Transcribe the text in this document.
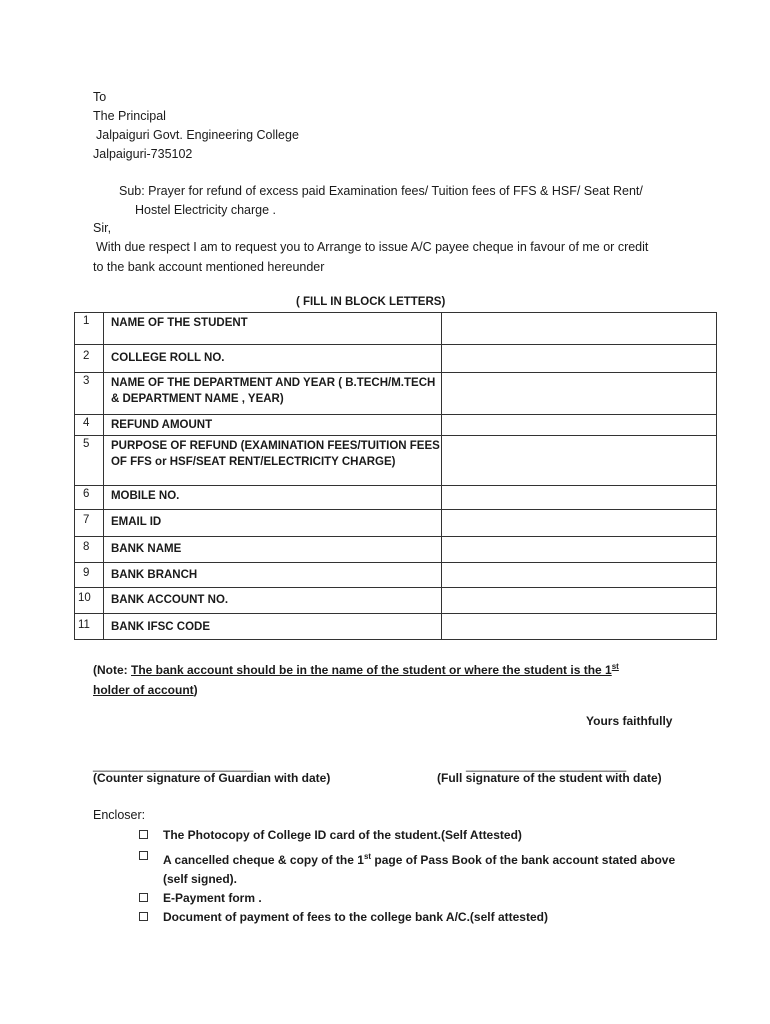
To
The Principal
Jalpaiguri Govt. Engineering College
Jalpaiguri-735102
Sub: Prayer for refund of excess paid Examination fees/ Tuition fees of FFS & HSF/ Seat Rent/
Hostel Electricity charge .
Sir,
With due respect I am to request you to Arrange to issue A/C payee cheque in favour of me or credit
to the bank account mentioned hereunder
( FILL IN BLOCK LETTERS)
1	NAME OF THE STUDENT	
2	COLLEGE ROLL NO.	
3	NAME OF THE DEPARTMENT AND YEAR ( B.TECH/M.TECH & DEPARTMENT NAME , YEAR)	
4	REFUND AMOUNT	
5	PURPOSE OF REFUND (EXAMINATION FEES/TUITION FEES OF FFS or HSF/SEAT RENT/ELECTRICITY CHARGE)	
6	MOBILE NO.	
7	EMAIL ID	
8	BANK NAME	
9	BANK BRANCH	
10	BANK ACCOUNT NO.	
11	BANK IFSC CODE	
(Note: The bank account should be in the name of the student or where the student is the 1st
holder of account)
Yours faithfully
________________________	________________________
(Counter signature of Guardian with date)	(Full signature of the student with date)
Encloser:
The Photocopy of College ID card of the student.(Self Attested)
A cancelled cheque & copy of the 1st page of Pass Book of the bank account stated above (self signed).
E-Payment form .
Document of payment of fees to the college bank A/C.(self attested)
